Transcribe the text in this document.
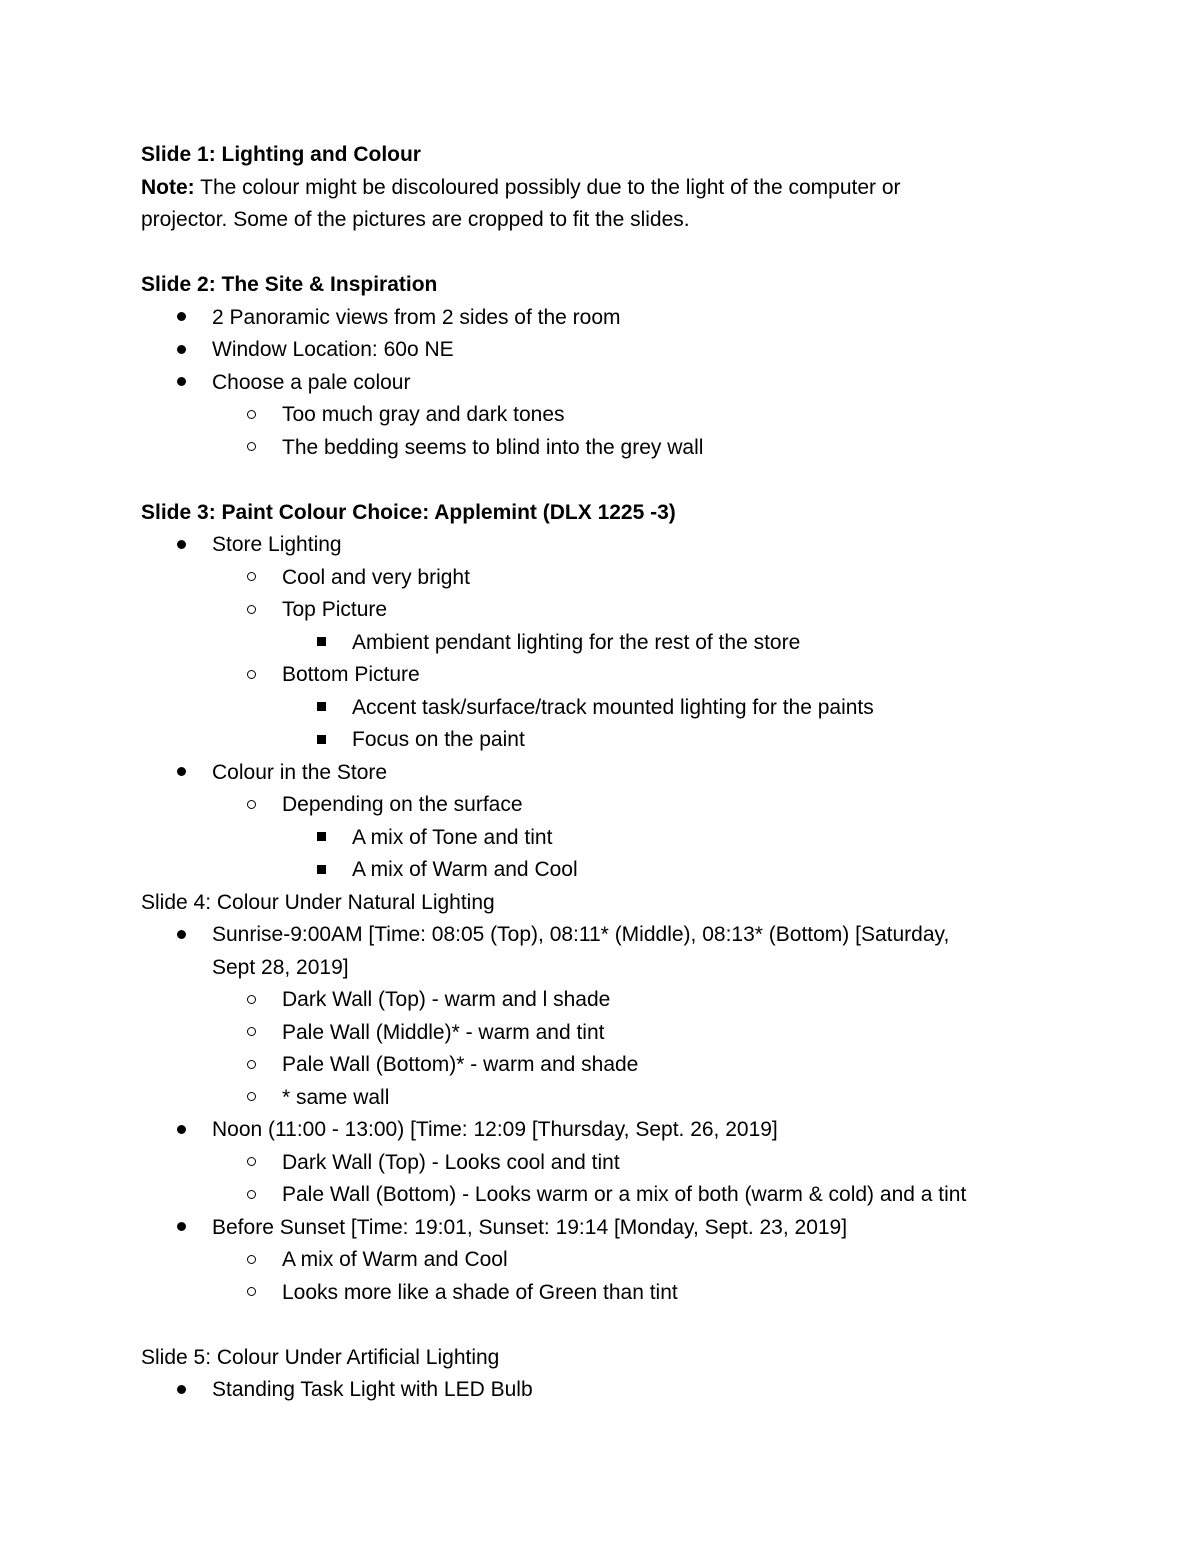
Slide 1: Lighting and Colour

Note: The colour might be discoloured possibly due to the light of the computer or

projector. Some of the pictures are cropped to fit the slides.

Slide 2: The Site & Inspiration

2 Panoramic views from 2 sides of the room
Window Location: 60o NE
Choose a pale colour
Too much gray and dark tones
The bedding seems to blind into the grey wall

Slide 3: Paint Colour Choice: Applemint (DLX 1225 -3)

Store Lighting
Cool and very bright
Top Picture
Ambient pendant lighting for the rest of the store
Bottom Picture
Accent task/surface/track mounted lighting for the paints
Focus on the paint
Colour in the Store
Depending on the surface
A mix of Tone and tint
A mix of Warm and Cool

Slide 4: Colour Under Natural Lighting

Sunrise-9:00AM [Time: 08:05 (Top), 08:11* (Middle), 08:13* (Bottom) [Saturday,
Sept 28, 2019]
Dark Wall (Top) - warm and l shade
Pale Wall (Middle)* - warm and tint
Pale Wall (Bottom)* - warm and shade
* same wall
Noon (11:00 - 13:00) [Time: 12:09 [Thursday, Sept. 26, 2019]
Dark Wall (Top) - Looks cool and tint
Pale Wall (Bottom) - Looks warm or a mix of both (warm & cold) and a tint
Before Sunset [Time: 19:01, Sunset: 19:14 [Monday, Sept. 23, 2019]
A mix of Warm and Cool
Looks more like a shade of Green than tint

Slide 5: Colour Under Artificial Lighting

Standing Task Light with LED Bulb
